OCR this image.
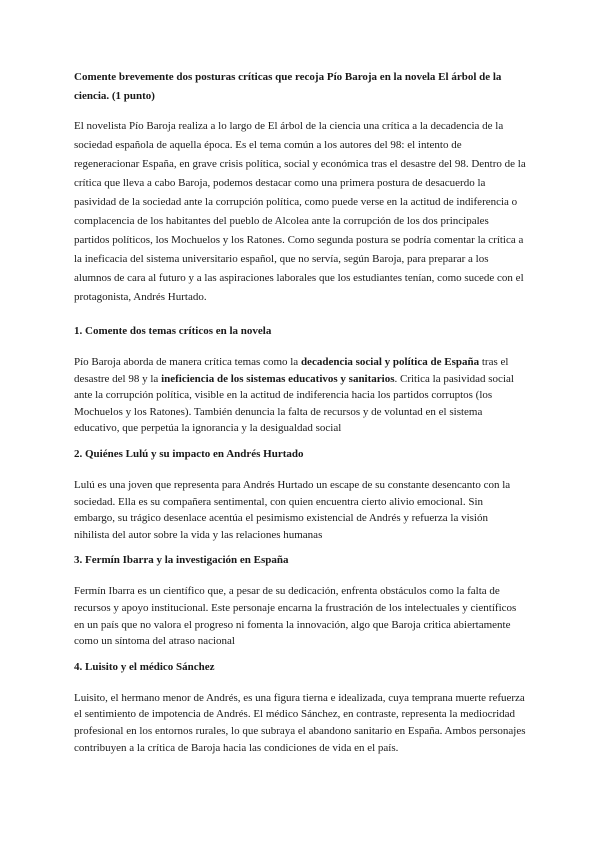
Comente brevemente dos posturas críticas que recoja Pío Baroja en la novela El árbol de la ciencia. (1 punto)

El novelista Pío Baroja realiza a lo largo de El árbol de la ciencia una crítica a la decadencia de la sociedad española de aquella época. Es el tema común a los autores del 98: el intento de regeneracionar España, en grave crisis política, social y económica tras el desastre del 98. Dentro de la crítica que lleva a cabo Baroja, podemos destacar como una primera postura de desacuerdo la pasividad de la sociedad ante la corrupción política, como puede verse en la actitud de indiferencia o complacencia de los habitantes del pueblo de Alcolea ante la corrupción de los dos principales partidos políticos, los Mochuelos y los Ratones. Como segunda postura se podría comentar la crítica a la ineficacia del sistema universitario español, que no servía, según Baroja, para preparar a los alumnos de cara al futuro y a las aspiraciones laborales que los estudiantes tenían, como sucede con el protagonista, Andrés Hurtado.

1. Comente dos temas críticos en la novela

Pío Baroja aborda de manera crítica temas como la decadencia social y política de España tras el desastre del 98 y la ineficiencia de los sistemas educativos y sanitarios. Critica la pasividad social ante la corrupción política, visible en la actitud de indiferencia hacia los partidos corruptos (los Mochuelos y los Ratones). También denuncia la falta de recursos y de voluntad en el sistema educativo, que perpetúa la ignorancia y la desigualdad social

2. Quiénes Lulú y su impacto en Andrés Hurtado

Lulú es una joven que representa para Andrés Hurtado un escape de su constante desencanto con la sociedad. Ella es su compañera sentimental, con quien encuentra cierto alivio emocional. Sin embargo, su trágico desenlace acentúa el pesimismo existencial de Andrés y refuerza la visión nihilista del autor sobre la vida y las relaciones humanas

3. Fermín Ibarra y la investigación en España

Fermín Ibarra es un científico que, a pesar de su dedicación, enfrenta obstáculos como la falta de recursos y apoyo institucional. Este personaje encarna la frustración de los intelectuales y científicos en un país que no valora el progreso ni fomenta la innovación, algo que Baroja critica abiertamente como un síntoma del atraso nacional

4. Luisito y el médico Sánchez

Luisito, el hermano menor de Andrés, es una figura tierna e idealizada, cuya temprana muerte refuerza el sentimiento de impotencia de Andrés. El médico Sánchez, en contraste, representa la mediocridad profesional en los entornos rurales, lo que subraya el abandono sanitario en España. Ambos personajes contribuyen a la crítica de Baroja hacia las condiciones de vida en el país.
